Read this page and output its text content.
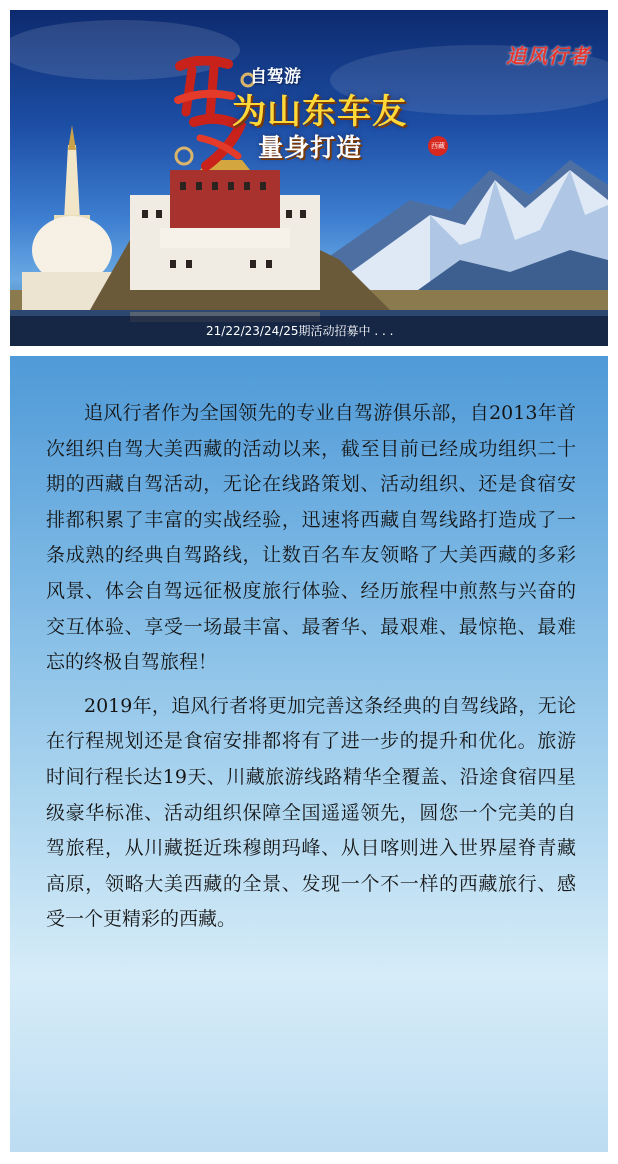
自驾游
为山东车友
量身打造	西藏
追风行者
21/22/23/24/25期活动招募中 . . .

追风行者作为全国领先的专业自驾游俱乐部，自2013年首次组织自驾大美西藏的活动以来，截至目前已经成功组织二十期的西藏自驾活动，无论在线路策划、活动组织、还是食宿安排都积累了丰富的实战经验，迅速将西藏自驾线路打造成了一条成熟的经典自驾路线，让数百名车友领略了大美西藏的多彩风景、体会自驾远征极度旅行体验、经历旅程中煎熬与兴奋的交互体验、享受一场最丰富、最奢华、最艰难、最惊艳、最难忘的终极自驾旅程！

2019年，追风行者将更加完善这条经典的自驾线路，无论在行程规划还是食宿安排都将有了进一步的提升和优化。旅游时间行程长达19天、川藏旅游线路精华全覆盖、沿途食宿四星级豪华标准、活动组织保障全国遥遥领先，圆您一个完美的自驾旅程，从川藏挺近珠穆朗玛峰、从日喀则进入世界屋脊青藏高原，领略大美西藏的全景、发现一个不一样的西藏旅行、感受一个更精彩的西藏。
